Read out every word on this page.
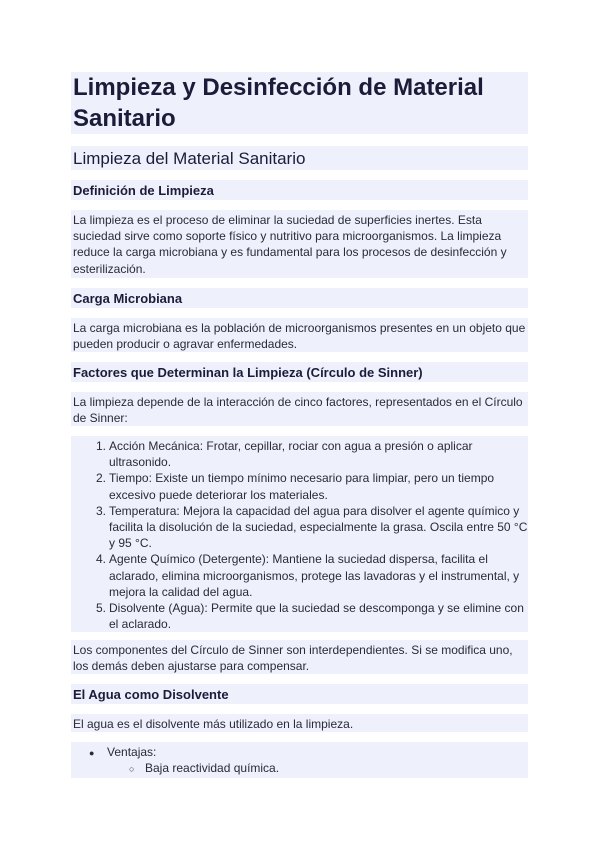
Limpieza y Desinfección de Material Sanitario
Limpieza del Material Sanitario
Definición de Limpieza

La limpieza es el proceso de eliminar la suciedad de superficies inertes. Esta suciedad sirve como soporte físico y nutritivo para microorganismos. La limpieza reduce la carga microbiana y es fundamental para los procesos de desinfección y esterilización.

Carga Microbiana

La carga microbiana es la población de microorganismos presentes en un objeto que pueden producir o agravar enfermedades.

Factores que Determinan la Limpieza (Círculo de Sinner)

La limpieza depende de la interacción de cinco factores, representados en el Círculo de Sinner:

1. Acción Mecánica: Frotar, cepillar, rociar con agua a presión o aplicar ultrasonido.
2. Tiempo: Existe un tiempo mínimo necesario para limpiar, pero un tiempo excesivo puede deteriorar los materiales.
3. Temperatura: Mejora la capacidad del agua para disolver el agente químico y facilita la disolución de la suciedad, especialmente la grasa. Oscila entre 50 °C y 95 °C.
4. Agente Químico (Detergente): Mantiene la suciedad dispersa, facilita el aclarado, elimina microorganismos, protege las lavadoras y el instrumental, y mejora la calidad del agua.
5. Disolvente (Agua): Permite que la suciedad se descomponga y se elimine con el aclarado.

Los componentes del Círculo de Sinner son interdependientes. Si se modifica uno, los demás deben ajustarse para compensar.

El Agua como Disolvente

El agua es el disolvente más utilizado en la limpieza.

● Ventajas:
○ Baja reactividad química.
